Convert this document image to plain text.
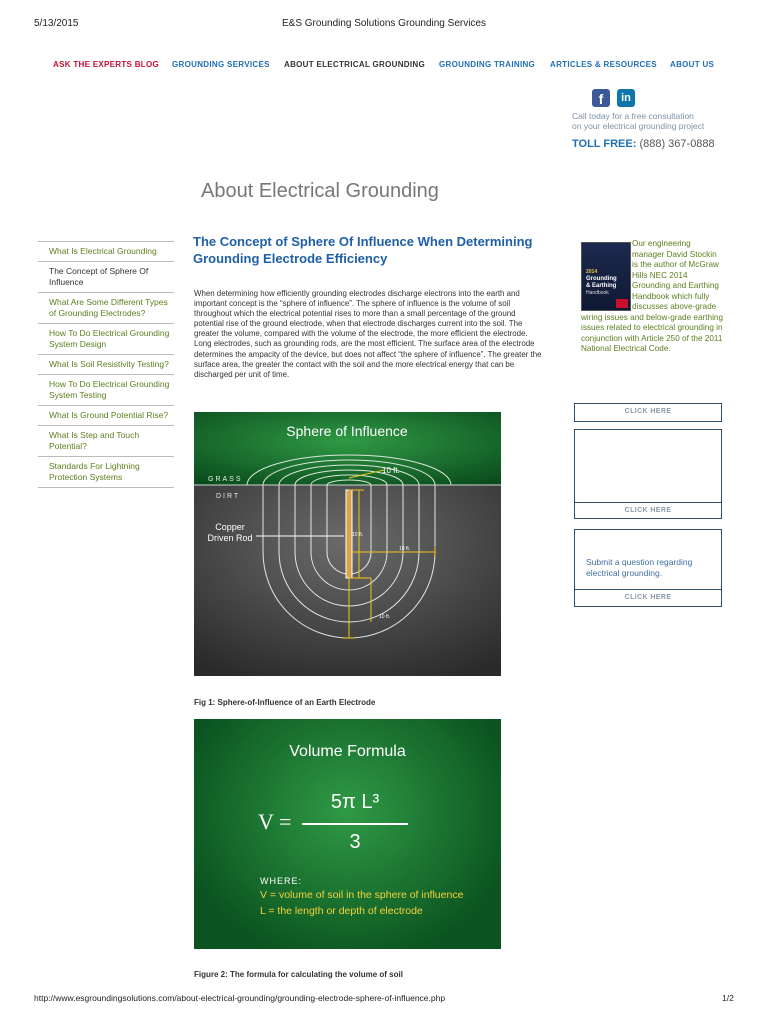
5/13/2015	E&S Grounding Solutions Grounding Services
ASK THE EXPERTS BLOG GROUNDING SERVICES ABOUT ELECTRICAL GROUNDING GROUNDING TRAINING ARTICLES & RESOURCES ABOUT US
f	in
Call today for a free consultation
on your electrical grounding project
TOLL FREE: (888) 367-0888
About Electrical Grounding
What Is Electrical Grounding
The Concept of Sphere Of Influence
What Are Some Different Types of Grounding Electrodes?
How To Do Electrical Grounding System Design
What Is Soil Resistivity Testing?
How To Do Electrical Grounding System Testing
What Is Ground Potential Rise?
What Is Step and Touch Potential?
Standards For Lightning Protection Systems
The Concept of Sphere Of Influence When Determining Grounding Electrode Efficiency
When determining how efficiently grounding electrodes discharge electrons into the earth and important concept is the “sphere of influence”. The sphere of influence is the volume of soil throughout which the electrical potential rises to more than a small percentage of the ground potential rise of the ground electrode, when that electrode discharges current into the soil. The greater the volume, compared with the volume of the electrode, the more efficient the electrode. Long electrodes, such as grounding rods, are the most efficient. The surface area of the electrode determines the ampacity of the device, but does not affect “the sphere of influence”. The greater the surface area, the greater the contact with the soil and the more electrical energy that can be discharged per unit of time.
Sphere of Influence
GRASS
DIRT
Copper
Driven Rod
10 ft.
10 ft.
10 ft.
10 ft.
Fig 1: Sphere-of-Influence of an Earth Electrode
Volume Formula
V =
5π L³
3
WHERE:
V = volume of soil in the sphere of influence
L = the length or depth of electrode
Figure 2: The formula for calculating the volume of soil
2014
Grounding
& Earthing
Handbook
Our engineering manager David Stockin is the author of McGraw Hills NEC 2014 Grounding and Earthing Handbook which fully discusses above-grade wiring issues and below-grade earthing issues related to electrical grounding in conjunction with Article 250 of the 2011 National Electrical Code.
CLICK HERE
CLICK HERE
Submit a question regarding electrical grounding.
CLICK HERE
http://www.esgroundingsolutions.com/about-electrical-grounding/grounding-electrode-sphere-of-influence.php	1/2
